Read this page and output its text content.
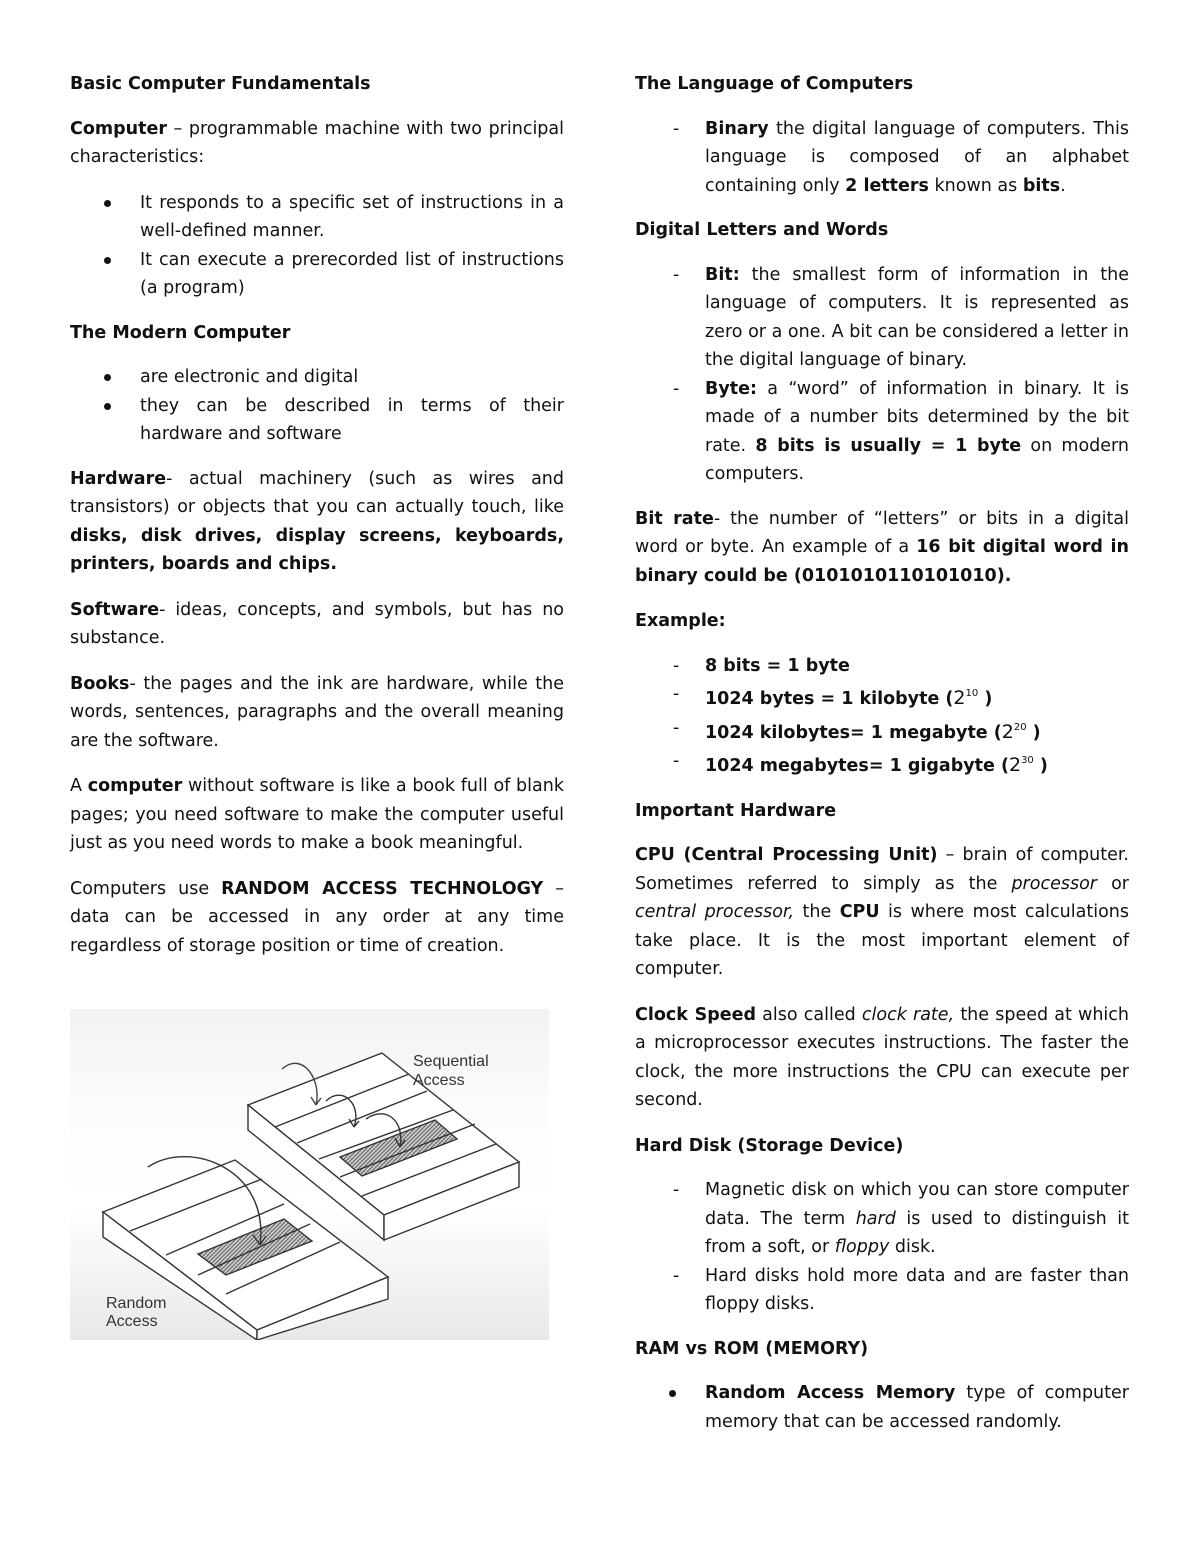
Basic Computer Fundamentals

Computer – programmable machine with two principal characteristics:

It responds to a specific set of instructions in a well-defined manner.
It can execute a prerecorded list of instructions (a program)
The Modern Computer
are electronic and digital
they can be described in terms of their hardware and software

Hardware- actual machinery (such as wires and transistors) or objects that you can actually touch, like disks, disk drives, display screens, keyboards, printers, boards and chips.

Software- ideas, concepts, and symbols, but has no substance.

Books- the pages and the ink are hardware, while the words, sentences, paragraphs and the overall meaning are the software.

A computer without software is like a book full of blank pages; you need software to make the computer useful just as you need words to make a book meaningful.

Computers use RANDOM ACCESS TECHNOLOGY – data can be accessed in any order at any time regardless of storage position or time of creation.

Sequential
Access
Random
Access
The Language of Computers
- Binary the digital language of computers. This language is composed of an alphabet containing only 2 letters known as bits.
Digital Letters and Words
- Bit: the smallest form of information in the language of computers. It is represented as zero or a one. A bit can be considered a letter in the digital language of binary.
- Byte: a “word” of information in binary. It is made of a number bits determined by the bit rate. 8 bits is usually = 1 byte on modern computers.

Bit rate- the number of “letters” or bits in a digital word or byte. An example of a 16 bit digital word in binary could be (0101010110101010).

Example:
- 8 bits = 1 byte
- 1024 bytes = 1 kilobyte ($2^{10}$ )
- 1024 kilobytes= 1 megabyte ($2^{20}$ )
- 1024 megabytes= 1 gigabyte ($2^{30}$ )
Important Hardware

CPU (Central Processing Unit) – brain of computer. Sometimes referred to simply as the processor or central processor, the CPU is where most calculations take place. It is the most important element of computer.

Clock Speed also called clock rate, the speed at which a microprocessor executes instructions. The faster the clock, the more instructions the CPU can execute per second.

Hard Disk (Storage Device)
- Magnetic disk on which you can store computer data. The term hard is used to distinguish it from a soft, or floppy disk.
- Hard disks hold more data and are faster than floppy disks.
RAM vs ROM (MEMORY)
Random Access Memory type of computer memory that can be accessed randomly.
